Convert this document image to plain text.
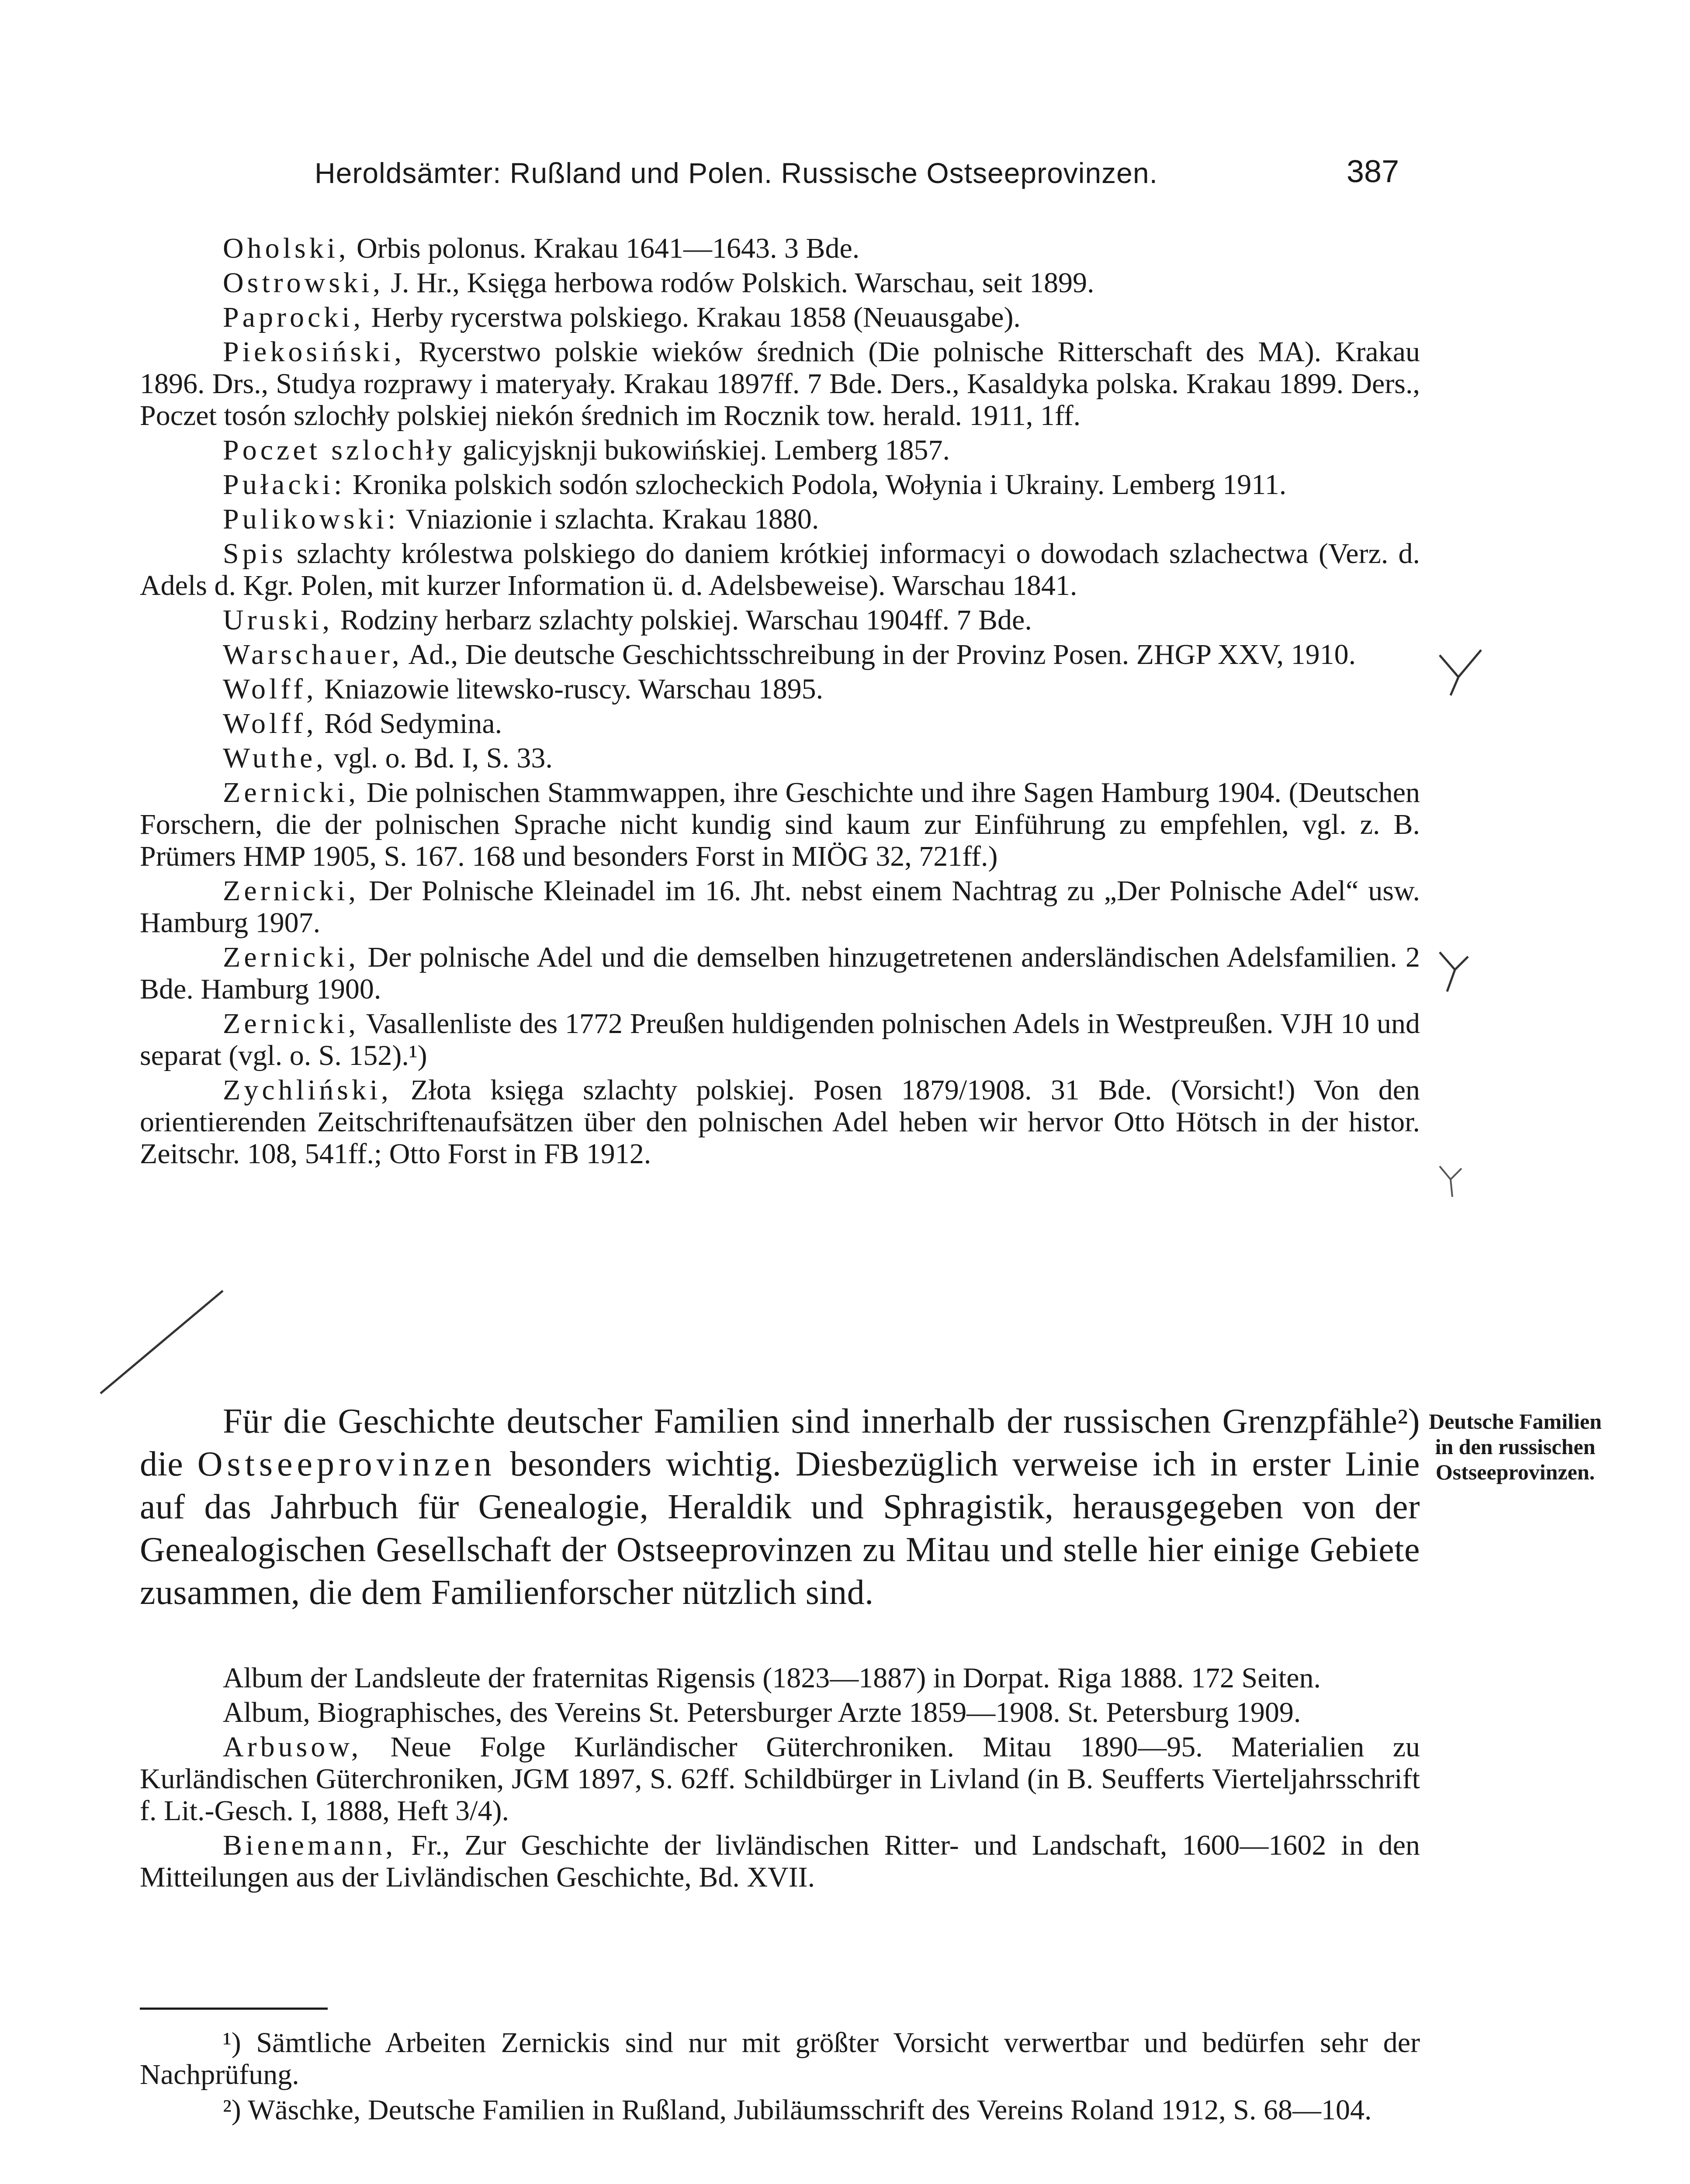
Heroldsämter: Rußland und Polen. Russische Ostseeprovinzen.	387
Oholski, Orbis polonus. Krakau 1641—1643. 3 Bde.
Ostrowski, J. Hr., Księga herbowa rodów Polskich. Warschau, seit 1899.
Paprocki, Herby rycerstwa polskiego. Krakau 1858 (Neuausgabe).
Piekosiński, Rycerstwo polskie wieków średnich (Die polnische Ritterschaft des MA). Krakau 1896. Drs., Studya rozprawy i materyały. Krakau 1897ff. 7 Bde. Ders., Kasaldyka polska. Krakau 1899. Ders., Poczet tosón szlochły polskiej niekón średnich im Rocznik tow. herald. 1911, 1ff.
Poczet szlochły galicyjsknji bukowińskiej. Lemberg 1857.
Pułacki: Kronika polskich sodón szlocheckich Podola, Wołynia i Ukrainy. Lemberg 1911.
Pulikowski: Vniazionie i szlachta. Krakau 1880.
Spis szlachty królestwa polskiego do daniem krótkiej informacyi o dowodach szlachectwa (Verz. d. Adels d. Kgr. Polen, mit kurzer Information ü. d. Adelsbeweise). Warschau 1841.
Uruski, Rodziny herbarz szlachty polskiej. Warschau 1904ff. 7 Bde.
Warschauer, Ad., Die deutsche Geschichtsschreibung in der Provinz Posen. ZHGP XXV, 1910.
Wolff, Kniazowie litewsko-ruscy. Warschau 1895.
Wolff, Ród Sedymina.
Wuthe, vgl. o. Bd. I, S. 33.
Zernicki, Die polnischen Stammwappen, ihre Geschichte und ihre Sagen Hamburg 1904. (Deutschen Forschern, die der polnischen Sprache nicht kundig sind kaum zur Einführung zu empfehlen, vgl. z. B. Prümers HMP 1905, S. 167. 168 und besonders Forst in MIÖG 32, 721ff.)
Zernicki, Der Polnische Kleinadel im 16. Jht. nebst einem Nachtrag zu „Der Polnische Adel“ usw. Hamburg 1907.
Zernicki, Der polnische Adel und die demselben hinzugetretenen andersländischen Adelsfamilien. 2 Bde. Hamburg 1900.
Zernicki, Vasallenliste des 1772 Preußen huldigenden polnischen Adels in Westpreußen. VJH 10 und separat (vgl. o. S. 152).¹)
Zychliński, Złota księga szlachty polskiej. Posen 1879/1908. 31 Bde. (Vorsicht!) Von den orientierenden Zeitschriftenaufsätzen über den polnischen Adel heben wir hervor Otto Hötsch in der histor. Zeitschr. 108, 541ff.; Otto Forst in FB 1912.
Für die Geschichte deutscher Familien sind innerhalb der russischen Grenzpfähle²) die Ostseeprovinzen besonders wichtig. Diesbezüglich verweise ich in erster Linie auf das Jahrbuch für Genealogie, Heraldik und Sphragistik, herausgegeben von der Genealogischen Gesellschaft der Ostseeprovinzen zu Mitau und stelle hier einige Gebiete zusammen, die dem Familienforscher nützlich sind.
Deutsche Familien in den russischen Ostseeprovinzen.
Album der Landsleute der fraternitas Rigensis (1823—1887) in Dorpat. Riga 1888. 172 Seiten.
Album, Biographisches, des Vereins St. Petersburger Arzte 1859—1908. St. Petersburg 1909.
Arbusow, Neue Folge Kurländischer Güterchroniken. Mitau 1890—95. Materialien zu Kurländischen Güterchroniken, JGM 1897, S. 62ff. Schildbürger in Livland (in B. Seufferts Vierteljahrsschrift f. Lit.-Gesch. I, 1888, Heft 3/4).
Bienemann, Fr., Zur Geschichte der livländischen Ritter- und Landschaft, 1600—1602 in den Mitteilungen aus der Livländischen Geschichte, Bd. XVII.
¹) Sämtliche Arbeiten Zernickis sind nur mit größter Vorsicht verwertbar und bedürfen sehr der Nachprüfung.
²) Wäschke, Deutsche Familien in Rußland, Jubiläumsschrift des Vereins Roland 1912, S. 68—104.
